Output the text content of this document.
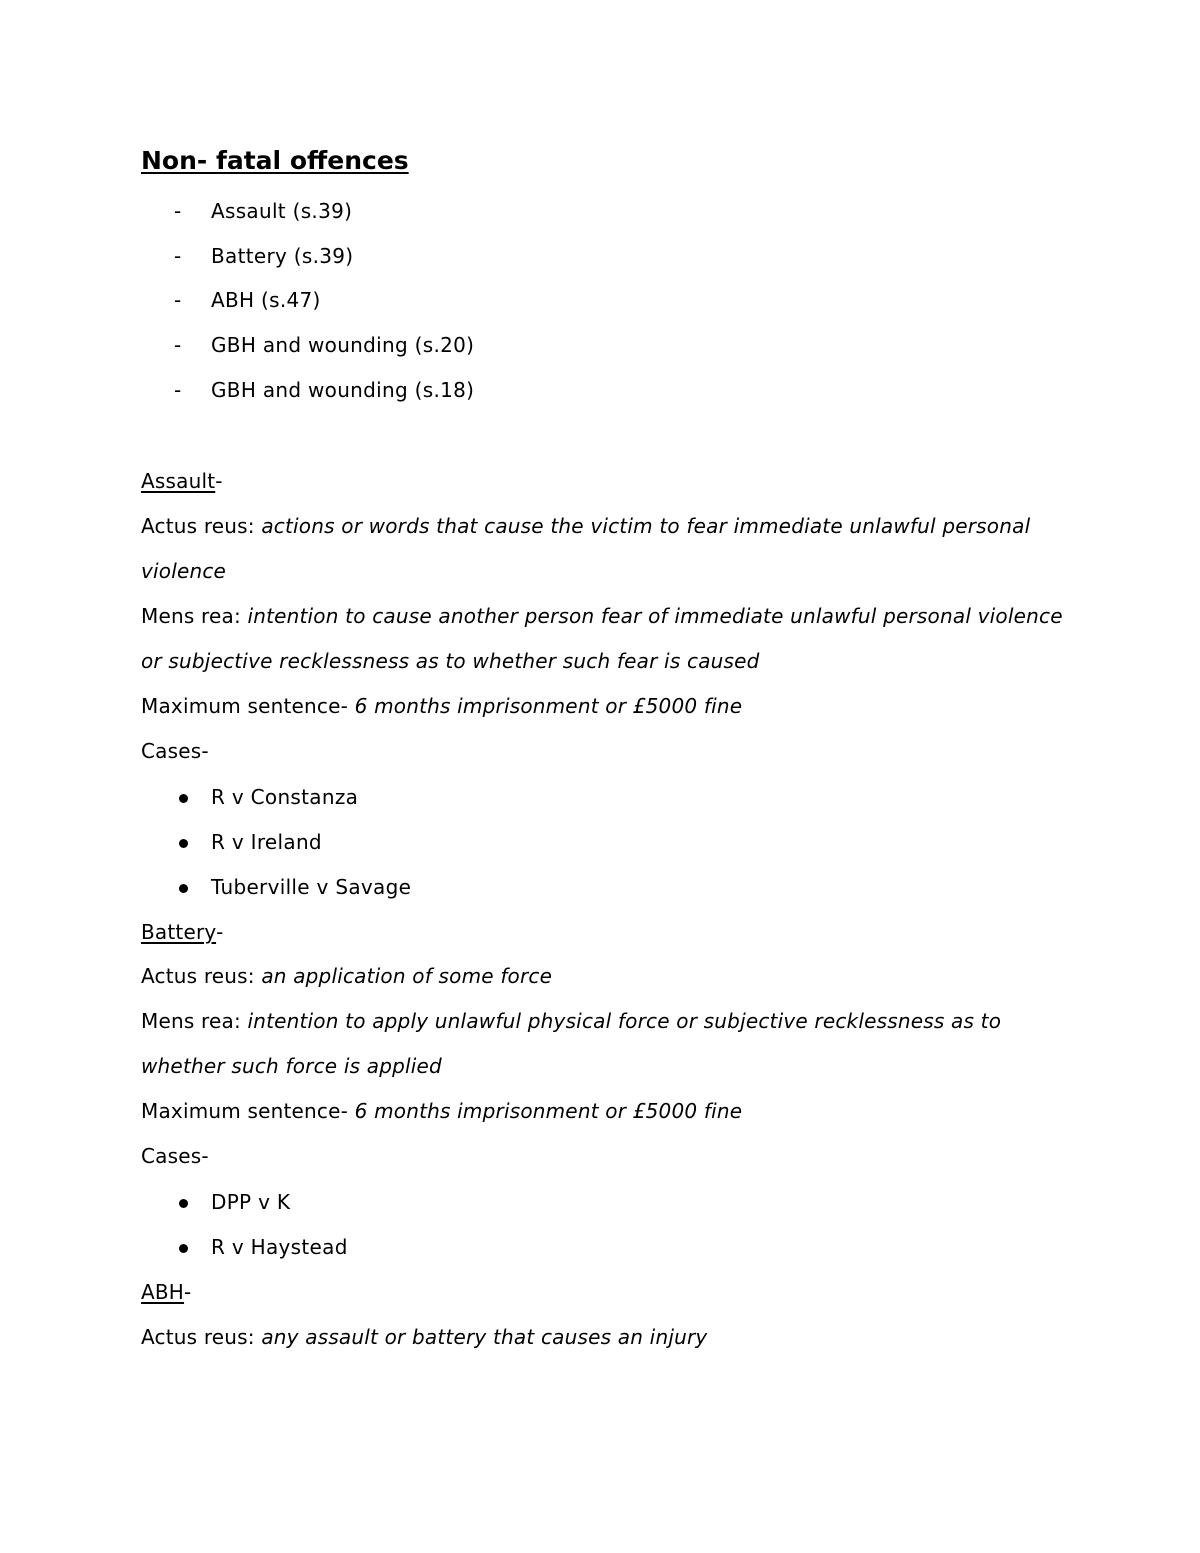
Non- fatal offences
- Assault (s.39)
- Battery (s.39)
- ABH (s.47)
- GBH and wounding (s.20)
- GBH and wounding (s.18)
Assault-
Actus reus: actions or words that cause the victim to fear immediate unlawful personal
violence
Mens rea: intention to cause another person fear of immediate unlawful personal violence
or subjective recklessness as to whether such fear is caused
Maximum sentence- 6 months imprisonment or £5000 fine
Cases-
R v Constanza
R v Ireland
Tuberville v Savage
Battery-
Actus reus: an application of some force
Mens rea: intention to apply unlawful physical force or subjective recklessness as to
whether such force is applied
Maximum sentence- 6 months imprisonment or £5000 fine
Cases-
DPP v K
R v Haystead
ABH-
Actus reus: any assault or battery that causes an injury
